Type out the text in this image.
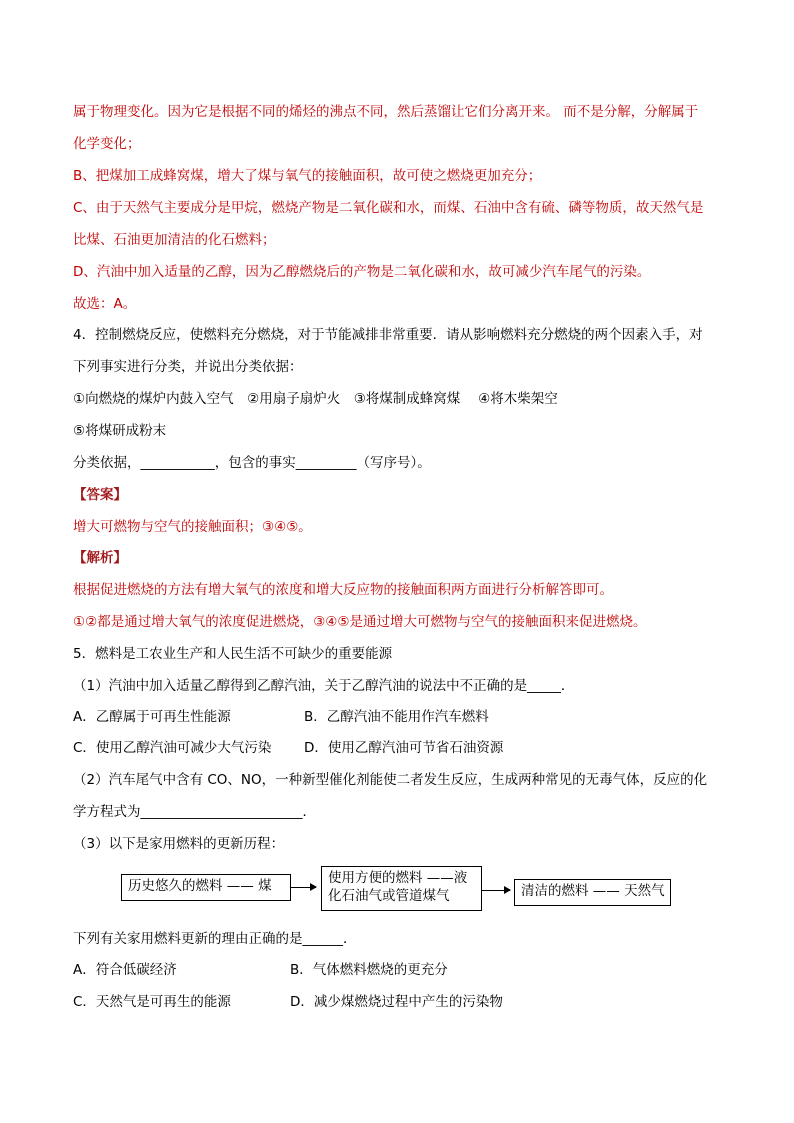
属于物理变化。因为它是根据不同的烯烃的沸点不同，然后蒸馏让它们分离开来。 而不是分解，分解属于
化学变化；
B、把煤加工成蜂窝煤，增大了煤与氧气的接触面积，故可使之燃烧更加充分；
C、由于天然气主要成分是甲烷，燃烧产物是二氧化碳和水，而煤、石油中含有硫、磷等物质，故天然气是
比煤、石油更加清洁的化石燃料；
D、汽油中加入适量的乙醇，因为乙醇燃烧后的产物是二氧化碳和水，故可减少汽车尾气的污染。
故选：A。
4．控制燃烧反应，使燃料充分燃烧，对于节能减排非常重要．请从影响燃料充分燃烧的两个因素入手，对
下列事实进行分类，并说出分类依据：
①向燃烧的煤炉内鼓入空气　②用扇子扇炉火　③将煤制成蜂窝煤　 ④将木柴架空
⑤将煤研成粉末
分类依据，___________，包含的事实_________（写序号）。
【答案】
增大可燃物与空气的接触面积；③④⑤。
【解析】
根据促进燃烧的方法有增大氧气的浓度和增大反应物的接触面积两方面进行分析解答即可。
①②都是通过增大氧气的浓度促进燃烧，③④⑤是通过增大可燃物与空气的接触面积来促进燃烧。
5．燃料是工农业生产和人民生活不可缺少的重要能源
（1）汽油中加入适量乙醇得到乙醇汽油，关于乙醇汽油的说法中不正确的是_____．
A．乙醇属于可再生性能源	B．乙醇汽油不能用作汽车燃料
C．使用乙醇汽油可减少大气污染 D．使用乙醇汽油可节省石油资源
（2）汽车尾气中含有 CO、NO，一种新型催化剂能使二者发生反应，生成两种常见的无毒气体，反应的化
学方程式为________________________．
（3）以下是家用燃料的更新历程：
历史悠久的燃料 —— 煤	使用方便的燃料 ——液
化石油气或管道煤气	清洁的燃料 —— 天然气
下列有关家用燃料更新的理由正确的是______．
A．符合低碳经济	B．气体燃料燃烧的更充分
C．天然气是可再生的能源	D．减少煤燃烧过程中产生的污染物
